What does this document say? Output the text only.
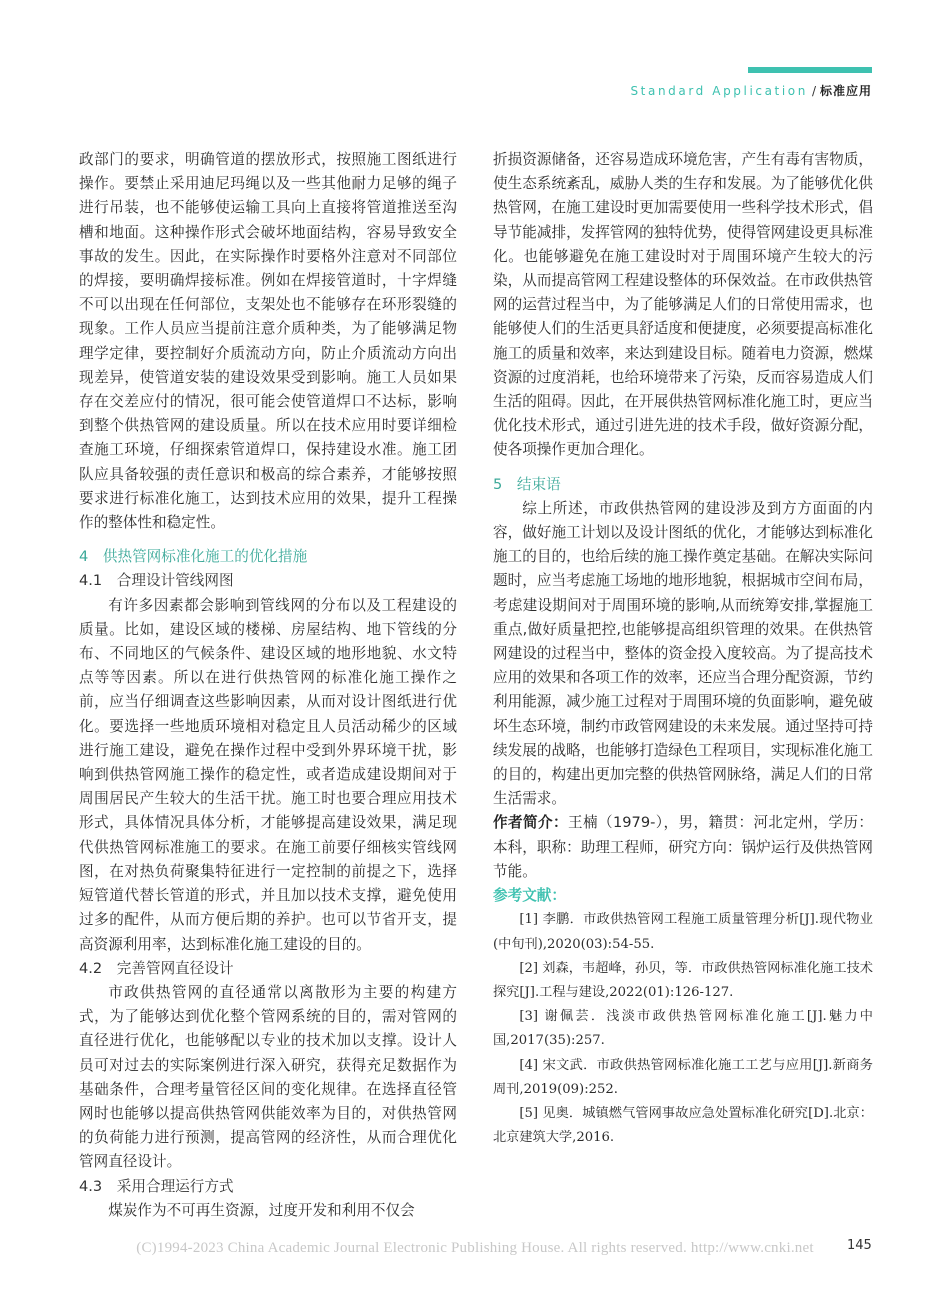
Standard Application / 标准应用

政部门的要求，明确管道的摆放形式，按照施工图纸进行操作。要禁止采用迪尼玛绳以及一些其他耐力足够的绳子进行吊装，也不能够使运输工具向上直接将管道推送至沟槽和地面。这种操作形式会破坏地面结构，容易导致安全事故的发生。因此，在实际操作时要格外注意对不同部位的焊接，要明确焊接标准。例如在焊接管道时，十字焊缝不可以出现在任何部位，支架处也不能够存在环形裂缝的现象。工作人员应当提前注意介质种类，为了能够满足物理学定律，要控制好介质流动方向，防止介质流动方向出现差异，使管道安装的建设效果受到影响。施工人员如果存在交差应付的情况，很可能会使管道焊口不达标，影响到整个供热管网的建设质量。所以在技术应用时要详细检查施工环境，仔细探索管道焊口，保持建设水准。施工团队应具备较强的责任意识和极高的综合素养，才能够按照要求进行标准化施工，达到技术应用的效果，提升工程操作的整体性和稳定性。

4　供热管网标准化施工的优化措施

4.1　合理设计管线网图

有许多因素都会影响到管线网的分布以及工程建设的质量。比如，建设区域的楼梯、房屋结构、地下管线的分布、不同地区的气候条件、建设区域的地形地貌、水文特点等等因素。所以在进行供热管网的标准化施工操作之前，应当仔细调查这些影响因素，从而对设计图纸进行优化。要选择一些地质环境相对稳定且人员活动稀少的区域进行施工建设，避免在操作过程中受到外界环境干扰，影响到供热管网施工操作的稳定性，或者造成建设期间对于周围居民产生较大的生活干扰。施工时也要合理应用技术形式，具体情况具体分析，才能够提高建设效果，满足现代供热管网标准施工的要求。在施工前要仔细核实管线网图，在对热负荷聚集特征进行一定控制的前提之下，选择短管道代替长管道的形式，并且加以技术支撑，避免使用过多的配件，从而方便后期的养护。也可以节省开支，提高资源利用率，达到标准化施工建设的目的。

4.2　完善管网直径设计

市政供热管网的直径通常以离散形为主要的构建方式，为了能够达到优化整个管网系统的目的，需对管网的直径进行优化，也能够配以专业的技术加以支撑。设计人员可对过去的实际案例进行深入研究，获得充足数据作为基础条件，合理考量管径区间的变化规律。在选择直径管网时也能够以提高供热管网供能效率为目的，对供热管网的负荷能力进行预测，提高管网的经济性，从而合理优化管网直径设计。

4.3　采用合理运行方式

煤炭作为不可再生资源，过度开发和利用不仅会

折损资源储备，还容易造成环境危害，产生有毒有害物质，使生态系统紊乱，威胁人类的生存和发展。为了能够优化供热管网，在施工建设时更加需要使用一些科学技术形式，倡导节能减排，发挥管网的独特优势，使得管网建设更具标准化。也能够避免在施工建设时对于周围环境产生较大的污染，从而提高管网工程建设整体的环保效益。在市政供热管网的运营过程当中，为了能够满足人们的日常使用需求，也能够使人们的生活更具舒适度和便捷度，必须要提高标准化施工的质量和效率，来达到建设目标。随着电力资源，燃煤资源的过度消耗，也给环境带来了污染，反而容易造成人们生活的阻碍。因此，在开展供热管网标准化施工时，更应当优化技术形式，通过引进先进的技术手段，做好资源分配，使各项操作更加合理化。

5　结束语

综上所述，市政供热管网的建设涉及到方方面面的内容，做好施工计划以及设计图纸的优化，才能够达到标准化施工的目的，也给后续的施工操作奠定基础。在解决实际问题时，应当考虑施工场地的地形地貌，根据城市空间布局，考虑建设期间对于周围环境的影响,从而统筹安排,掌握施工重点,做好质量把控,也能够提高组织管理的效果。在供热管网建设的过程当中，整体的资金投入度较高。为了提高技术应用的效果和各项工作的效率，还应当合理分配资源，节约利用能源，减少施工过程对于周围环境的负面影响，避免破坏生态环境，制约市政管网建设的未来发展。通过坚持可持续发展的战略，也能够打造绿色工程项目，实现标准化施工的目的，构建出更加完整的供热管网脉络，满足人们的日常生活需求。

作者简介：王楠（1979-），男，籍贯：河北定州，学历：本科，职称：助理工程师，研究方向：锅炉运行及供热管网节能。

参考文献：

[1] 李鹏．市政供热管网工程施工质量管理分析[J].现代物业(中旬刊),2020(03):54-55.

[2] 刘森，韦超峰，孙贝，等．市政供热管网标准化施工技术探究[J].工程与建设,2022(01):126-127.

[3] 谢佩芸．浅淡市政供热管网标准化施工[J].魅力中国,2017(35):257.

[4] 宋文武．市政供热管网标准化施工工艺与应用[J].新商务周刊,2019(09):252.

[5] 见奥．城镇燃气管网事故应急处置标准化研究[D].北京：北京建筑大学,2016.

(C)1994-2023 China Academic Journal Electronic Publishing House. All rights reserved. http://www.cnki.net	145
